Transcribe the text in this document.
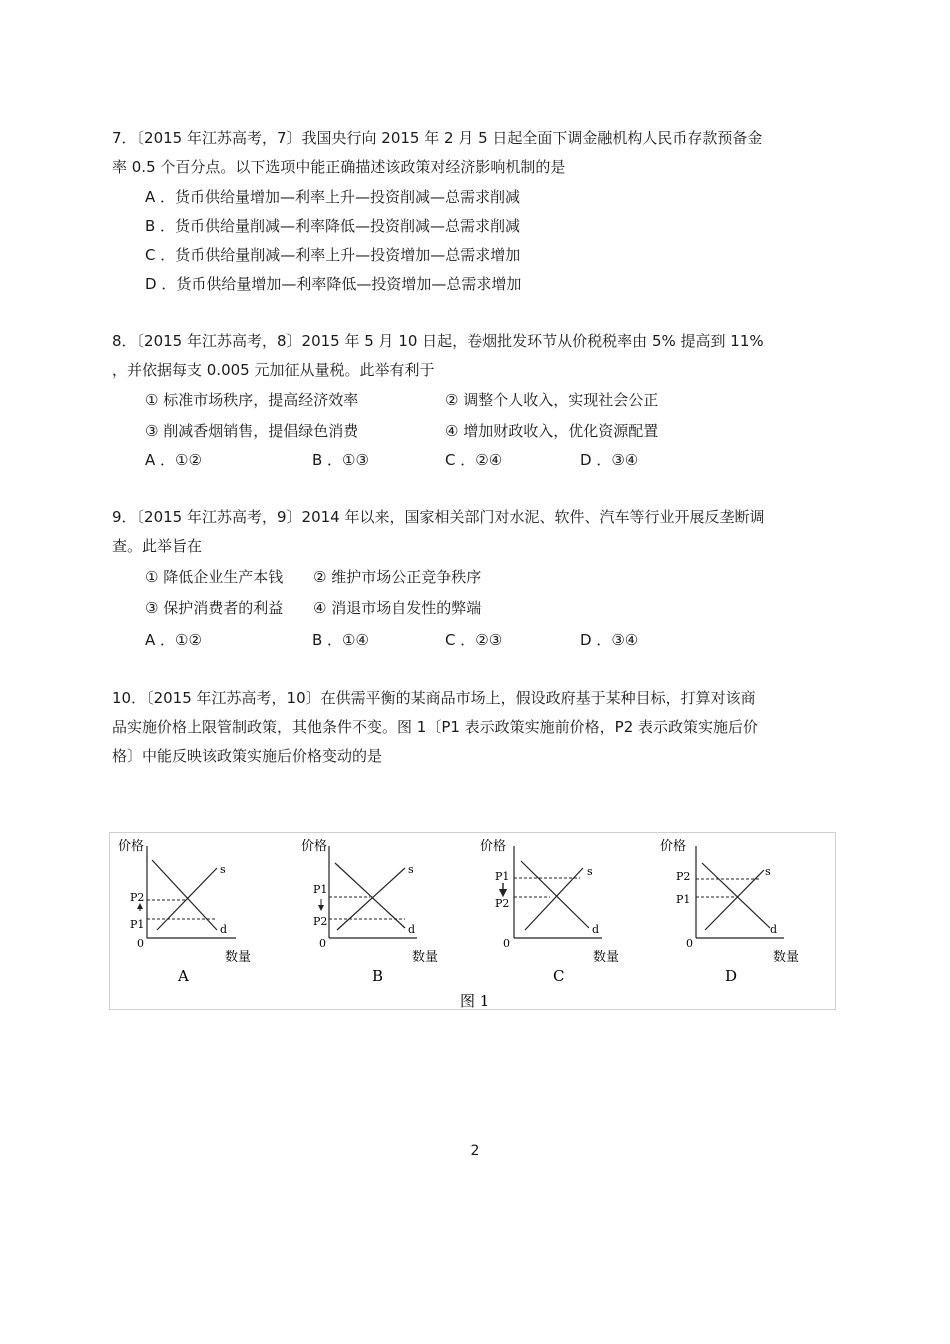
7．〔2015 年江苏高考，7〕我国央行向 2015 年 2 月 5 日起全面下调金融机构人民币存款预备金
率 0.5 个百分点。以下选项中能正确描述该政策对经济影响机制的是
A ．货币供给量增加—利率上升—投资削减—总需求削减
B ．货币供给量削减—利率降低—投资削减—总需求削减
C ．货币供给量削减—利率上升—投资增加—总需求增加
D ．货币供给量增加—利率降低—投资增加—总需求增加
8．〔2015 年江苏高考，8〕2015 年 5 月 10 日起，卷烟批发环节从价税税率由 5% 提高到 11%
，并依据每支 0.005 元加征从量税。此举有利于
① 标准市场秩序，提高经济效率	② 调整个人收入，实现社会公正
③ 削减香烟销售，提倡绿色消费	④ 增加财政收入，优化资源配置
A ．①②	B ．①③	C ．②④	D ．③④
9．〔2015 年江苏高考，9〕2014 年以来，国家相关部门对水泥、软件、汽车等行业开展反垄断调
查。此举旨在
① 降低企业生产本钱 ② 维护市场公正竞争秩序
③ 保护消费者的利益 ④ 消退市场自发性的弊端
A ．①②	B ．①④	C ．②③	D ．③④
10．〔2015 年江苏高考，10〕在供需平衡的某商品市场上，假设政府基于某种目标，打算对该商
品实施价格上限管制政策，其他条件不变。图 1〔P1 表示政策实施前价格，P2 表示政策实施后价
格〕中能反映该政策实施后价格变动的是
价格
P2
P1
0
s
d
数量
A
价格
P1
P2
0
s
d
数量
B
价格
P1
P2
0
s
d
数量
C
价格
P2
P1
0
s
d
数量
D
图 1
2
